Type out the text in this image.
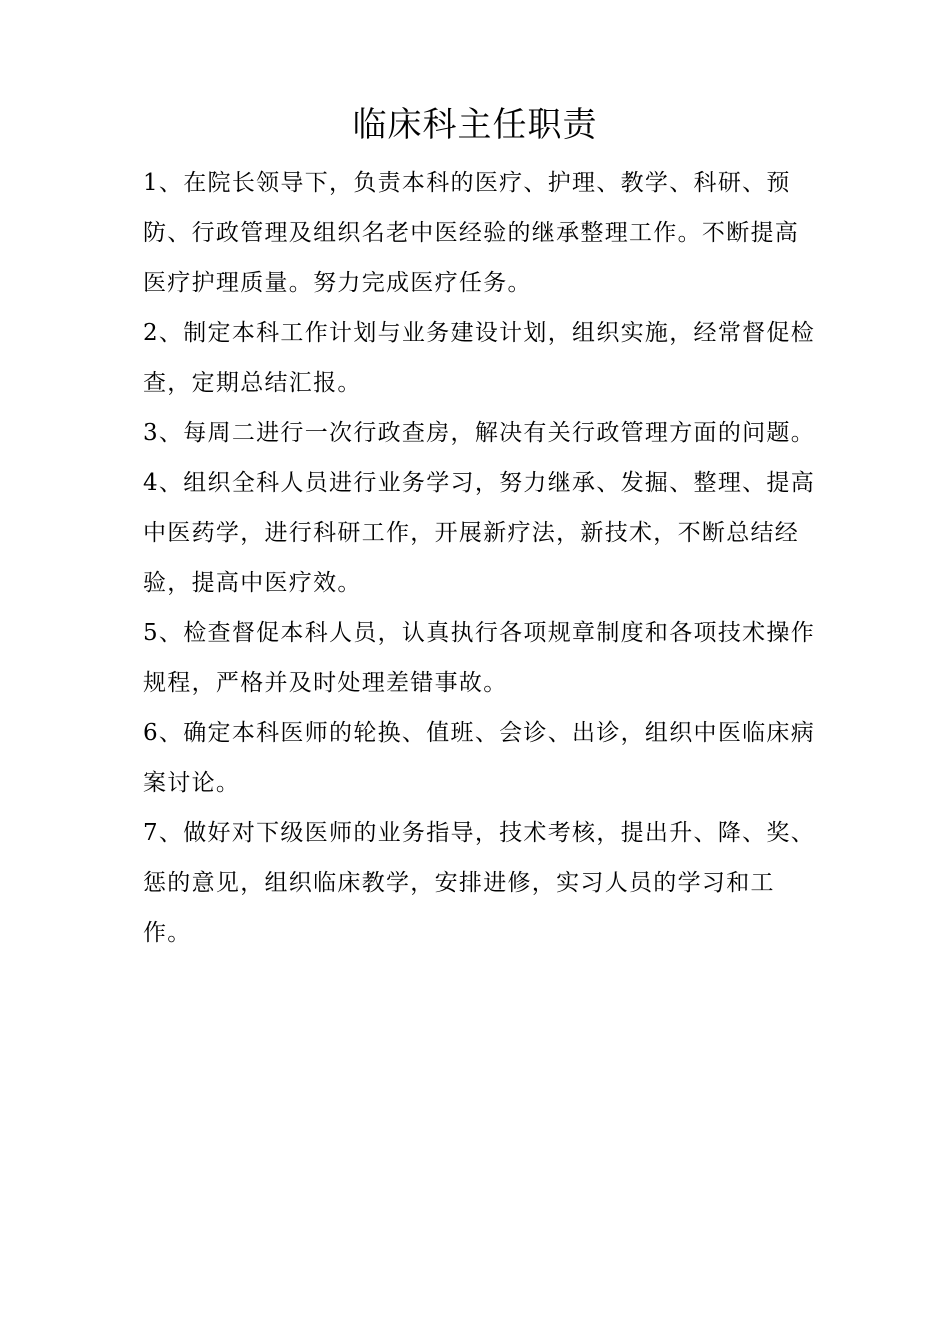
临床科主任职责
1、在院长领导下，负责本科的医疗、护理、教学、科研、预防、行政管理及组织名老中医经验的继承整理工作。不断提高医疗护理质量。努力完成医疗任务。
2、制定本科工作计划与业务建设计划，组织实施，经常督促检查，定期总结汇报。
3、每周二进行一次行政查房，解决有关行政管理方面的问题。
4、组织全科人员进行业务学习，努力继承、发掘、整理、提高中医药学，进行科研工作，开展新疗法，新技术，不断总结经验，提高中医疗效。
5、检查督促本科人员，认真执行各项规章制度和各项技术操作规程，严格并及时处理差错事故。
6、确定本科医师的轮换、值班、会诊、出诊，组织中医临床病案讨论。
7、做好对下级医师的业务指导，技术考核，提出升、降、奖、惩的意见，组织临床教学，安排进修，实习人员的学习和工作。
